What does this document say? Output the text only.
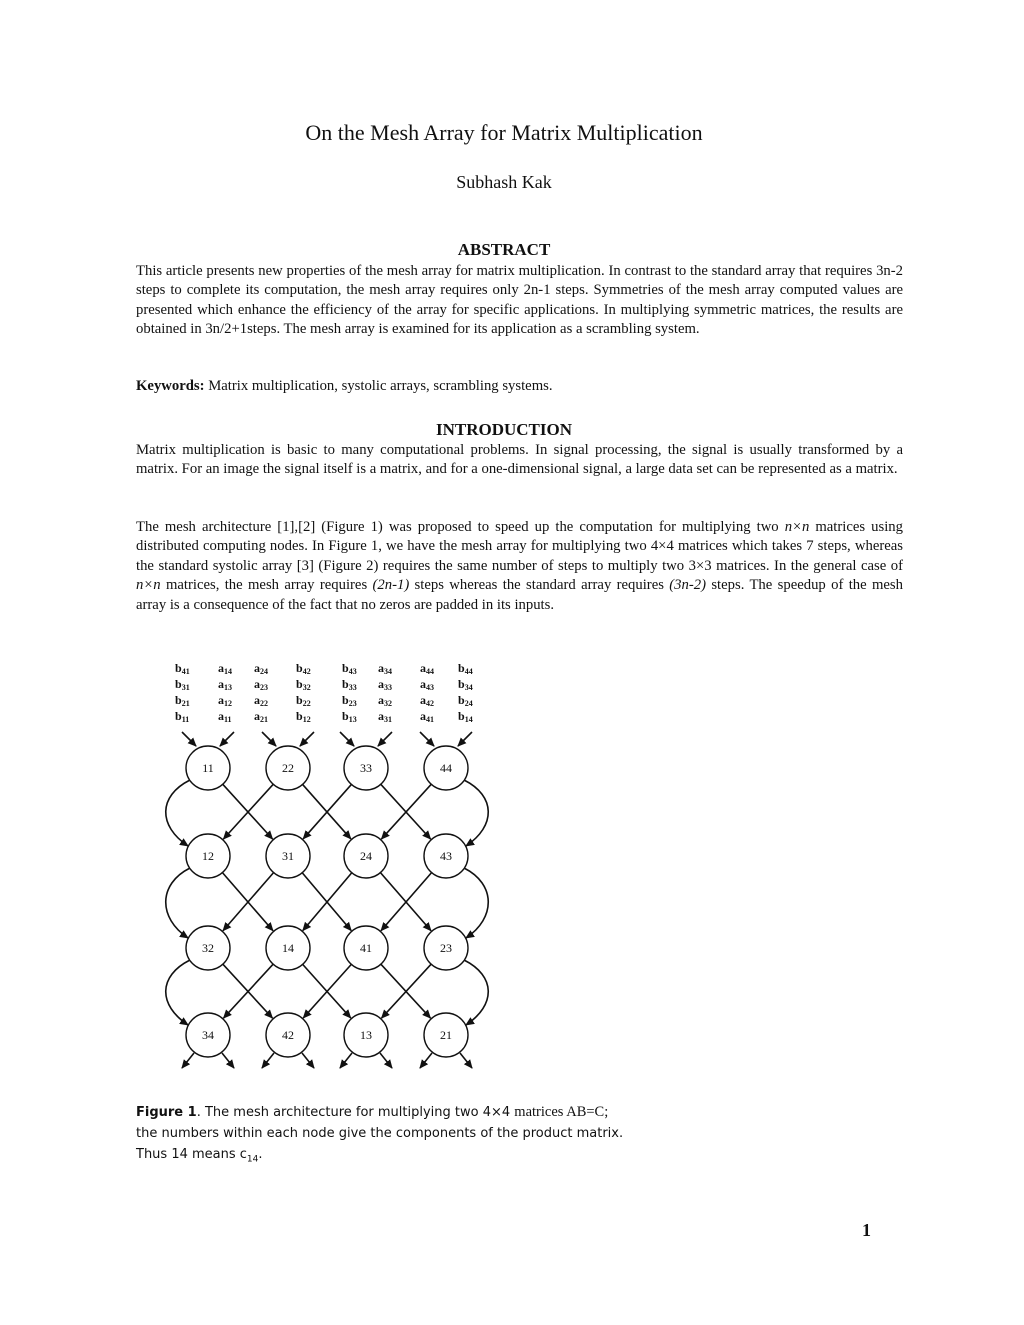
On the Mesh Array for Matrix Multiplication
Subhash Kak
ABSTRACT

This article presents new properties of the mesh array for matrix multiplication. In contrast to the standard array that requires 3n-2 steps to complete its computation, the mesh array requires only 2n-1 steps. Symmetries of the mesh array computed values are presented which enhance the efficiency of the array for specific applications. In multiplying symmetric matrices, the results are obtained in 3n/2+1steps. The mesh array is examined for its application as a scrambling system.

Keywords: Matrix multiplication, systolic arrays, scrambling systems.

INTRODUCTION

Matrix multiplication is basic to many computational problems. In signal processing, the signal is usually transformed by a matrix. For an image the signal itself is a matrix, and for a one-dimensional signal, a large data set can be represented as a matrix.

The mesh architecture [1],[2] (Figure 1) was proposed to speed up the computation for multiplying two n×n matrices using distributed computing nodes. In Figure 1, we have the mesh array for multiplying two 4×4 matrices which takes 7 steps, whereas the standard systolic array [3] (Figure 2) requires the same number of steps to multiply two 3×3 matrices. In the general case of n×n matrices, the mesh array requires (2n-1) steps whereas the standard array requires (3n-2) steps. The speedup of the mesh array is a consequence of the fact that no zeros are padded in its inputs.

b41
b31
b21
b11
a14
a13
a12
a11
a24
a23
a22
a21
b42
b32
b22
b12
b43
b33
b23
b13
a34
a33
a32
a31
a44
a43
a42
a41
b44
b34
b24
b14
11	22	33	44
12	31	24	43
32	14	41	23
34	42	13	21
Figure 1. The mesh architecture for multiplying two 4×4 matrices AB=C;
the numbers within each node give the components of the product matrix.
Thus 14 means $c_{14}$.
1
